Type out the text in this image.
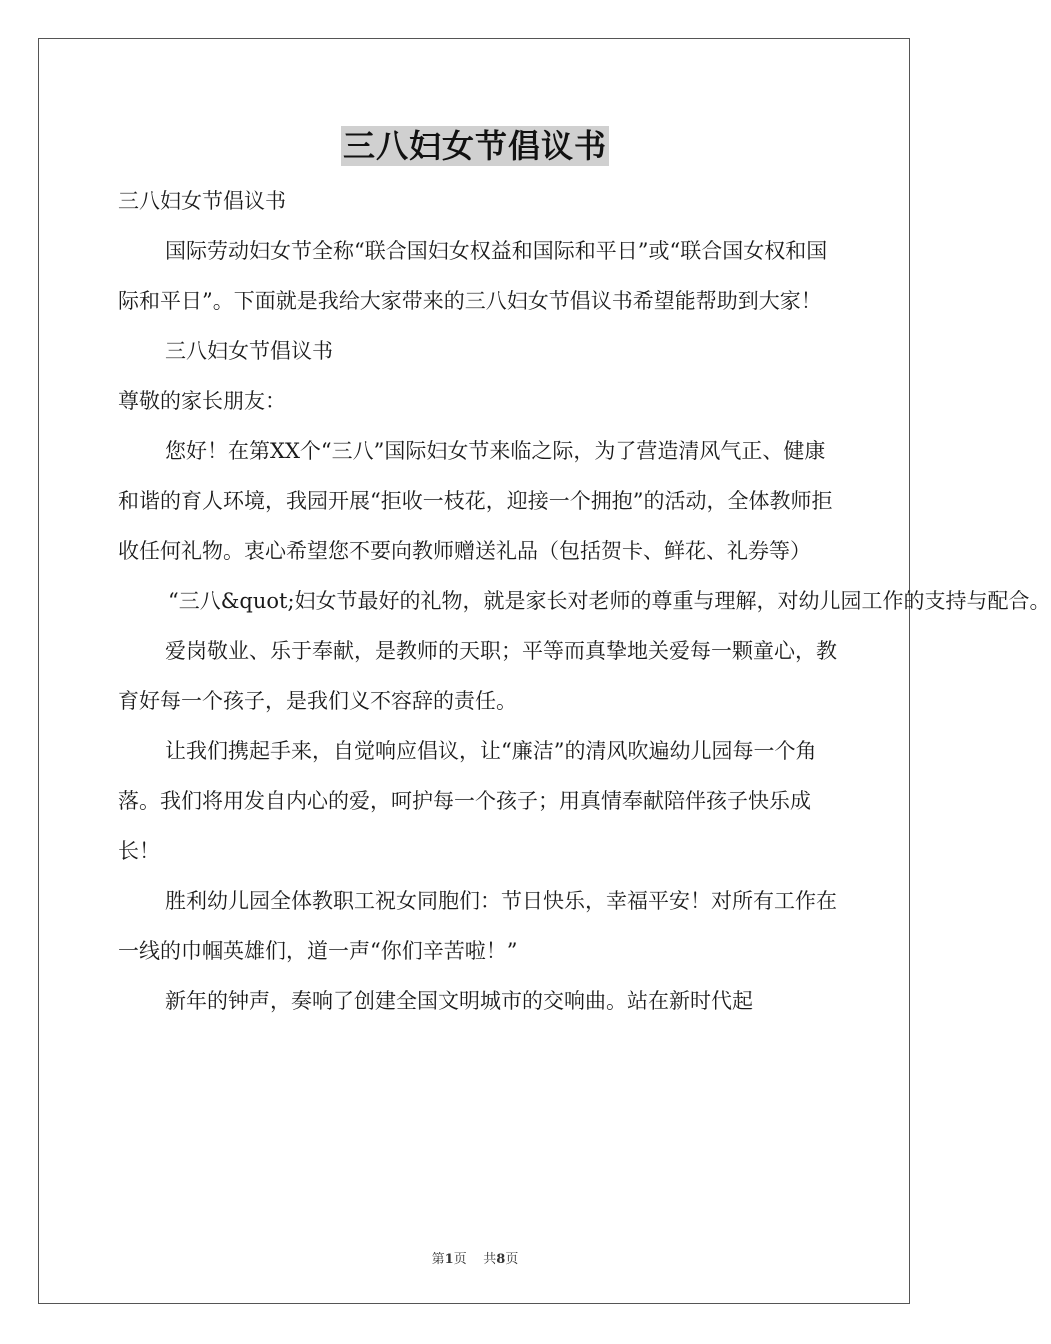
三八妇女节倡议书

三八妇女节倡议书

国际劳动妇女节全称“联合国妇女权益和国际和平日”或“联合国女权和国际和平日”。下面就是我给大家带来的三八妇女节倡议书希望能帮助到大家！

三八妇女节倡议书

尊敬的家长朋友：

您好！在第XX个“三八”国际妇女节来临之际，为了营造清风气正、健康和谐的育人环境，我园开展“拒收一枝花，迎接一个拥抱”的活动，全体教师拒收任何礼物。衷心希望您不要向教师赠送礼品（包括贺卡、鲜花、礼券等）

“三八&quot;妇女节最好的礼物，就是家长对老师的尊重与理解，对幼儿园工作的支持与配合。

爱岗敬业、乐于奉献，是教师的天职；平等而真挚地关爱每一颗童心，教育好每一个孩子，是我们义不容辞的责任。

让我们携起手来，自觉响应倡议，让“廉洁”的清风吹遍幼儿园每一个角落。我们将用发自内心的爱，呵护每一个孩子；用真情奉献陪伴孩子快乐成长！

胜利幼儿园全体教职工祝女同胞们：节日快乐，幸福平安！对所有工作在一线的巾帼英雄们，道一声“你们辛苦啦！”

新年的钟声，奏响了创建全国文明城市的交响曲。站在新时代起

第1页 共8页
